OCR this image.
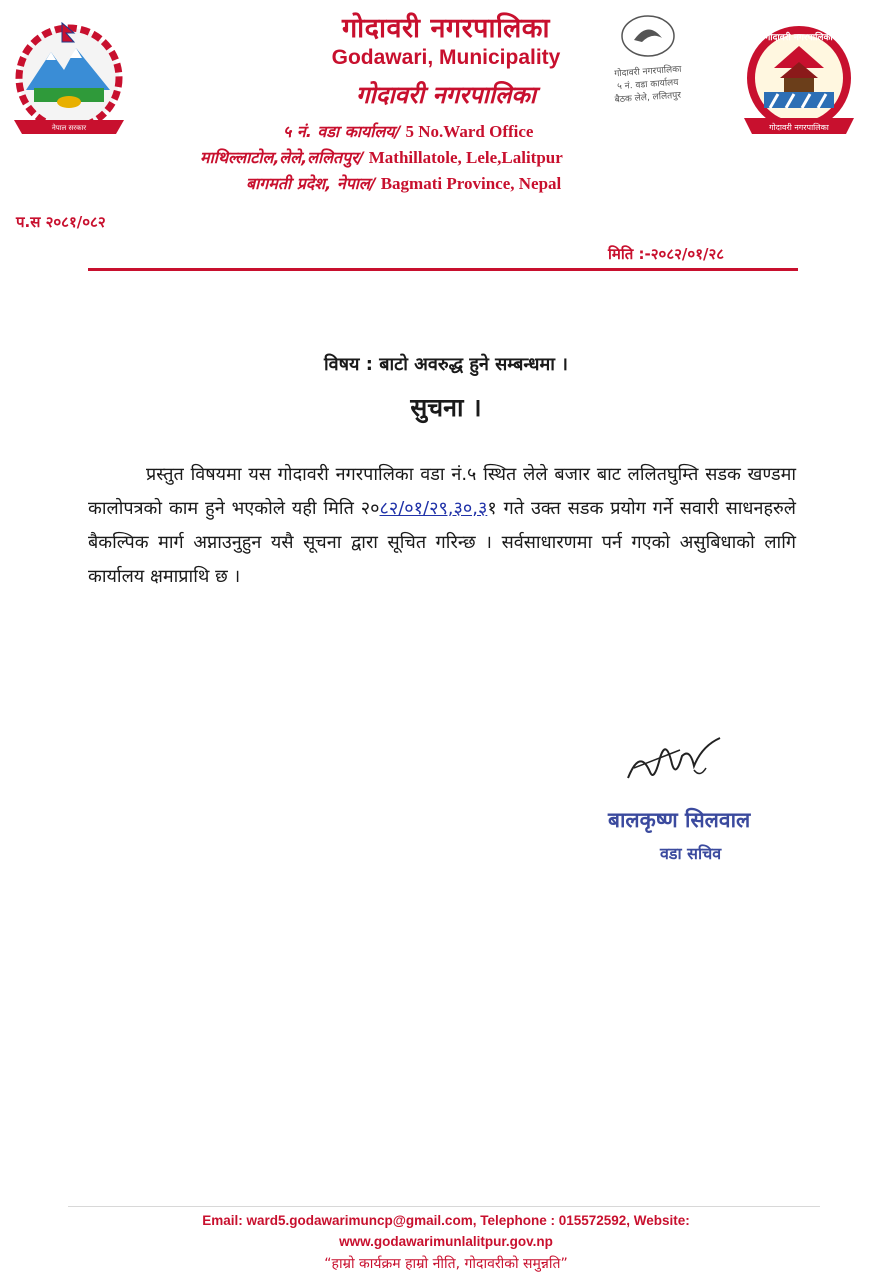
नेपाल सरकार
गोदावरी नगरपालिका
५ नं. वडा कार्यालय
बैठक लेले, ललितपुर
गोदावरी नगरपालिका
गोदावरी नगरपालिका
गोदावरी नगरपालिका
Godawari, Municipality
गोदावरी नगरपालिका
५ नं. वडा कार्यालय/ 5 No.Ward Office
माथिल्लाटोल,लेले,ललितपुर/ Mathillatole, Lele,Lalitpur
बागमती प्रदेश, नेपाल/ Bagmati Province, Nepal
प.स २०८१/०८२
मिति :-२०८२/०१/२८
विषय : बाटो अवरुद्ध हुने सम्बन्धमा ।
सुचना ।
प्रस्तुत विषयमा यस गोदावरी नगरपालिका वडा नं.५ स्थित लेले बजार बाट ललितघुम्ति सडक खण्डमा कालोपत्रको काम हुने भएकोले यही मिति २०८२/०१/२९,३०,३१ गते उक्त सडक प्रयोग गर्ने सवारी साधनहरुले बैकल्पिक मार्ग अप्नाउनुहुन यसै सूचना द्वारा सूचित गरिन्छ । सर्वसाधारणमा पर्न गएको असुबिधाको लागि कार्यालय क्षमाप्राथि छ ।
बालकृष्ण सिलवाल
वडा सचिव
Email: ward5.godawarimuncp@gmail.com, Telephone : 015572592, Website:
www.godawarimunlalitpur.gov.np
“हाम्रो कार्यक्रम हाम्रो नीति, गोदावरीको समुन्नति”
